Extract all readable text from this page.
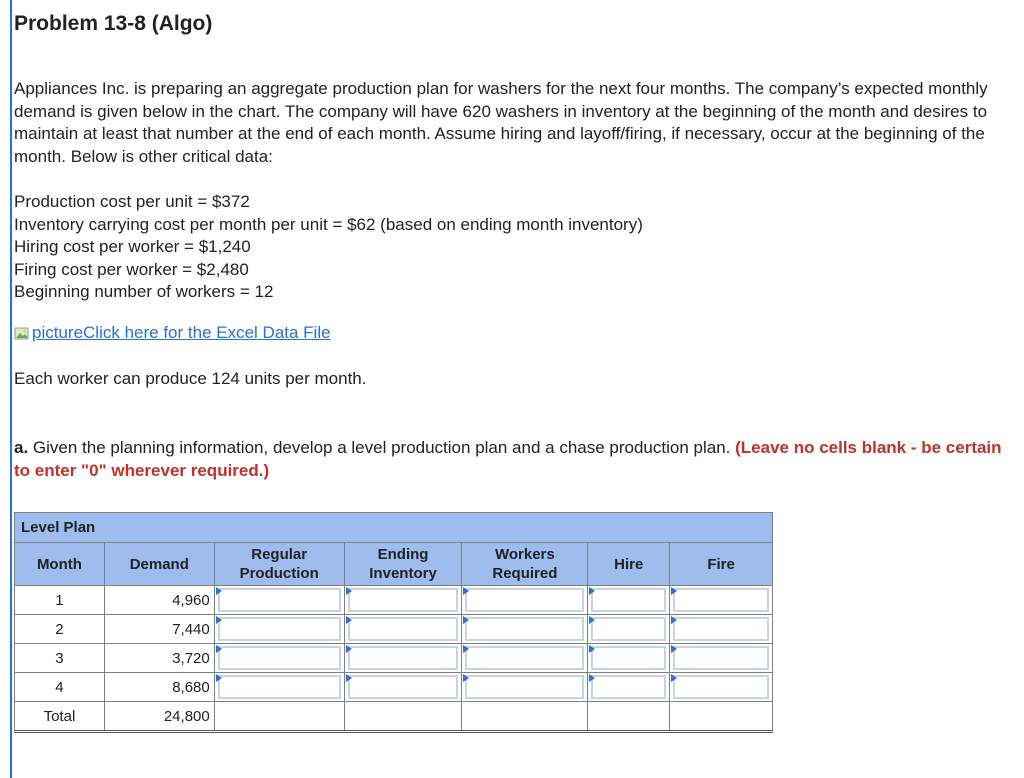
Problem 13-8 (Algo)
Appliances Inc. is preparing an aggregate production plan for washers for the next four months. The company’s expected monthly demand is given below in the chart. The company will have 620 washers in inventory at the beginning of the month and desires to maintain at least that number at the end of each month. Assume hiring and layoff/firing, if necessary, occur at the beginning of the month. Below is other critical data:
Production cost per unit = $372
Inventory carrying cost per month per unit = $62 (based on ending month inventory)
Hiring cost per worker = $1,240
Firing cost per worker = $2,480
Beginning number of workers = 12
picture Click here for the Excel Data File
Each worker can produce 124 units per month.
a. Given the planning information, develop a level production plan and a chase production plan. (Leave no cells blank - be certain to enter "0" wherever required.)
Level Plan						
Month	Demand	Regular Production	Ending Inventory	Workers Required	Hire	Fire
1	4,960	

2	7,440	

3	3,720	

4	8,680	

Total	24,800					
